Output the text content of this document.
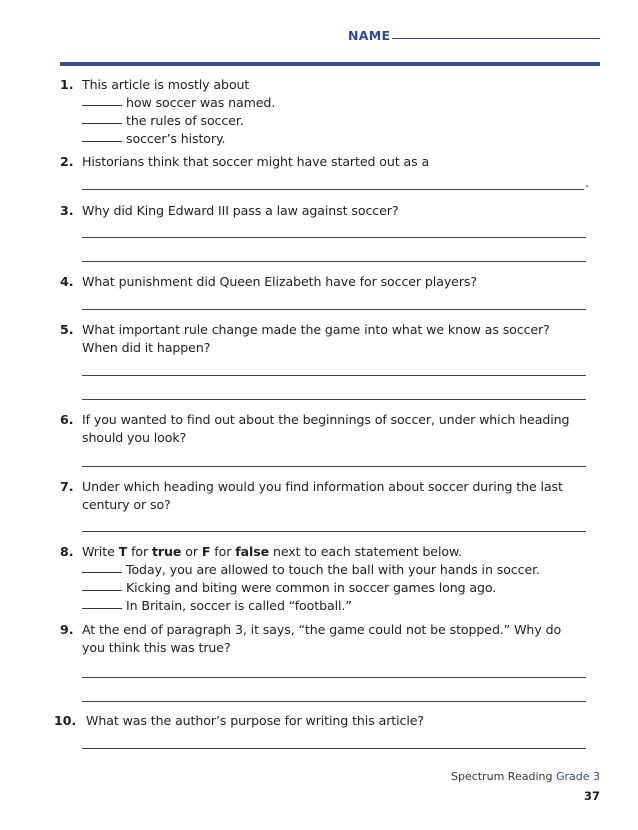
NAME
1. This article is mostly about
how soccer was named.
the rules of soccer.
soccer’s history.
2. Historians think that soccer might have started out as a
.
3. Why did King Edward III pass a law against soccer?
4. What punishment did Queen Elizabeth have for soccer players?
5. What important rule change made the game into what we know as soccer?
When did it happen?
6. If you wanted to find out about the beginnings of soccer, under which heading
should you look?
7. Under which heading would you find information about soccer during the last
century or so?
8. Write T for true or F for false next to each statement below.
Today, you are allowed to touch the ball with your hands in soccer.
Kicking and biting were common in soccer games long ago.
In Britain, soccer is called “football.”
9. At the end of paragraph 3, it says, “the game could not be stopped.” Why do
you think this was true?
10. What was the author’s purpose for writing this article?
Spectrum Reading Grade 3
37
